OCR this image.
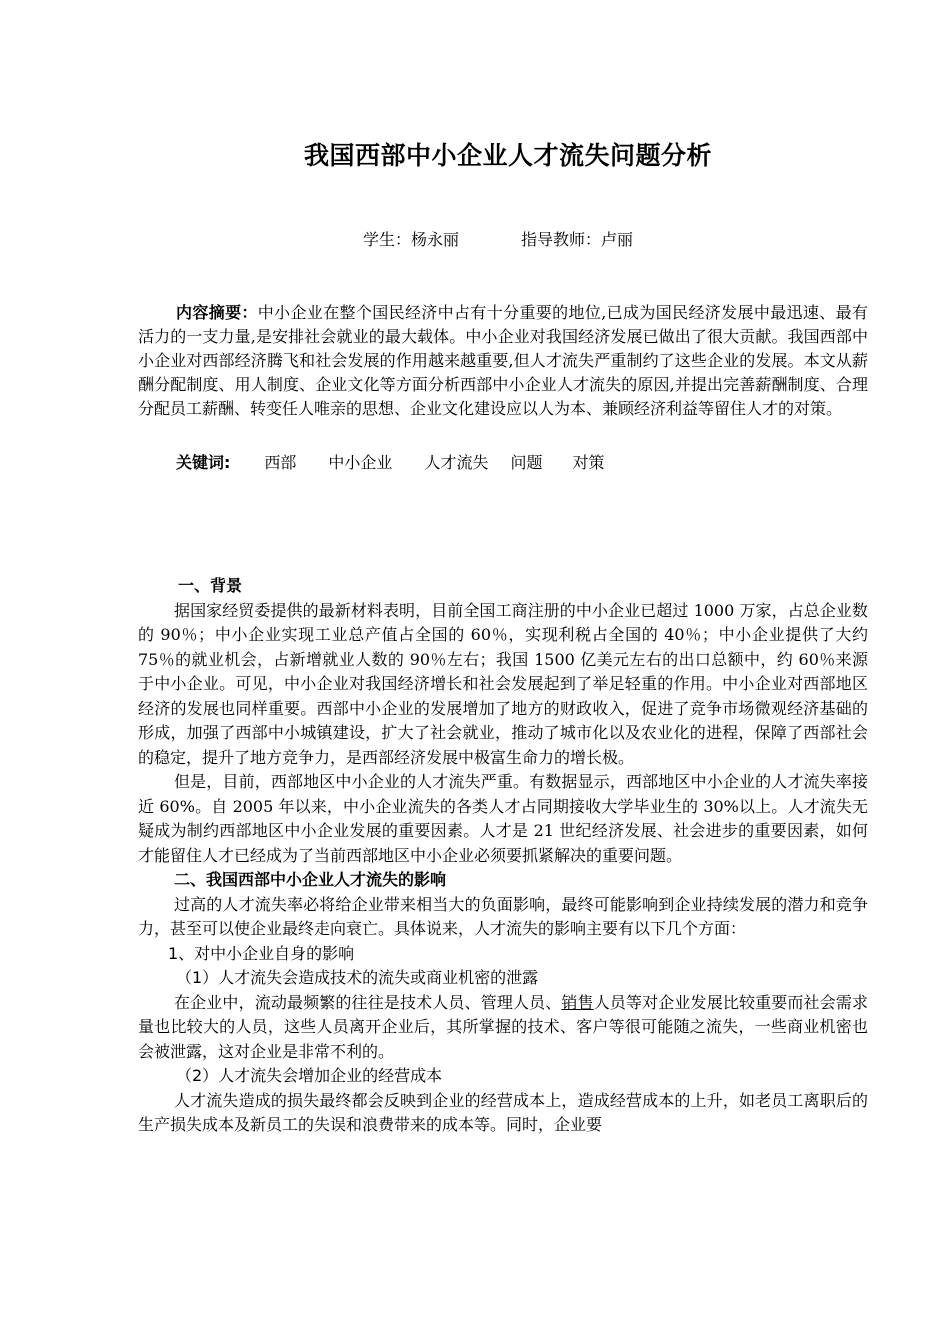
我国西部中小企业人才流失问题分析
学生：杨永丽	指导教师：卢丽
内容摘要：中小企业在整个国民经济中占有十分重要的地位,已成为国民经济发展中最迅速、最有活力的一支力量,是安排社会就业的最大载体。中小企业对我国经济发展已做出了很大贡献。我国西部中小企业对西部经济腾飞和社会发展的作用越来越重要,但人才流失严重制约了这些企业的发展。本文从薪酬分配制度、用人制度、企业文化等方面分析西部中小企业人才流失的原因,并提出完善薪酬制度、合理分配员工薪酬、转变任人唯亲的思想、企业文化建设应以人为本、兼顾经济利益等留住人才的对策。
关键词: 西部 中小企业 人才流失 问题 对策
一、背景

据国家经贸委提供的最新材料表明，目前全国工商注册的中小企业已超过 1000 万家，占总企业数的 90％；中小企业实现工业总产值占全国的 60％，实现利税占全国的 40％；中小企业提供了大约 75％的就业机会，占新增就业人数的 90％左右；我国 1500 亿美元左右的出口总额中，约 60％来源于中小企业。可见，中小企业对我国经济增长和社会发展起到了举足轻重的作用。中小企业对西部地区经济的发展也同样重要。西部中小企业的发展增加了地方的财政收入，促进了竞争市场微观经济基础的形成，加强了西部中小城镇建设，扩大了社会就业，推动了城市化以及农业化的进程，保障了西部社会的稳定，提升了地方竞争力，是西部经济发展中极富生命力的增长极。

但是，目前，西部地区中小企业的人才流失严重。有数据显示，西部地区中小企业的人才流失率接近 60%。自 2005 年以来，中小企业流失的各类人才占同期接收大学毕业生的 30%以上。人才流失无疑成为制约西部地区中小企业发展的重要因素。人才是 21 世纪经济发展、社会进步的重要因素，如何才能留住人才已经成为了当前西部地区中小企业必须要抓紧解决的重要问题。

二、我国西部中小企业人才流失的影响

过高的人才流失率必将给企业带来相当大的负面影响，最终可能影响到企业持续发展的潜力和竞争力，甚至可以使企业最终走向衰亡。具体说来，人才流失的影响主要有以下几个方面：

1、对中小企业自身的影响
（1）人才流失会造成技术的流失或商业机密的泄露

在企业中，流动最频繁的往往是技术人员、管理人员、销售人员等对企业发展比较重要而社会需求量也比较大的人员，这些人员离开企业后，其所掌握的技术、客户等很可能随之流失，一些商业机密也会被泄露，这对企业是非常不利的。

（2）人才流失会增加企业的经营成本

人才流失造成的损失最终都会反映到企业的经营成本上，造成经营成本的上升，如老员工离职后的生产损失成本及新员工的失误和浪费带来的成本等。同时，企业要
